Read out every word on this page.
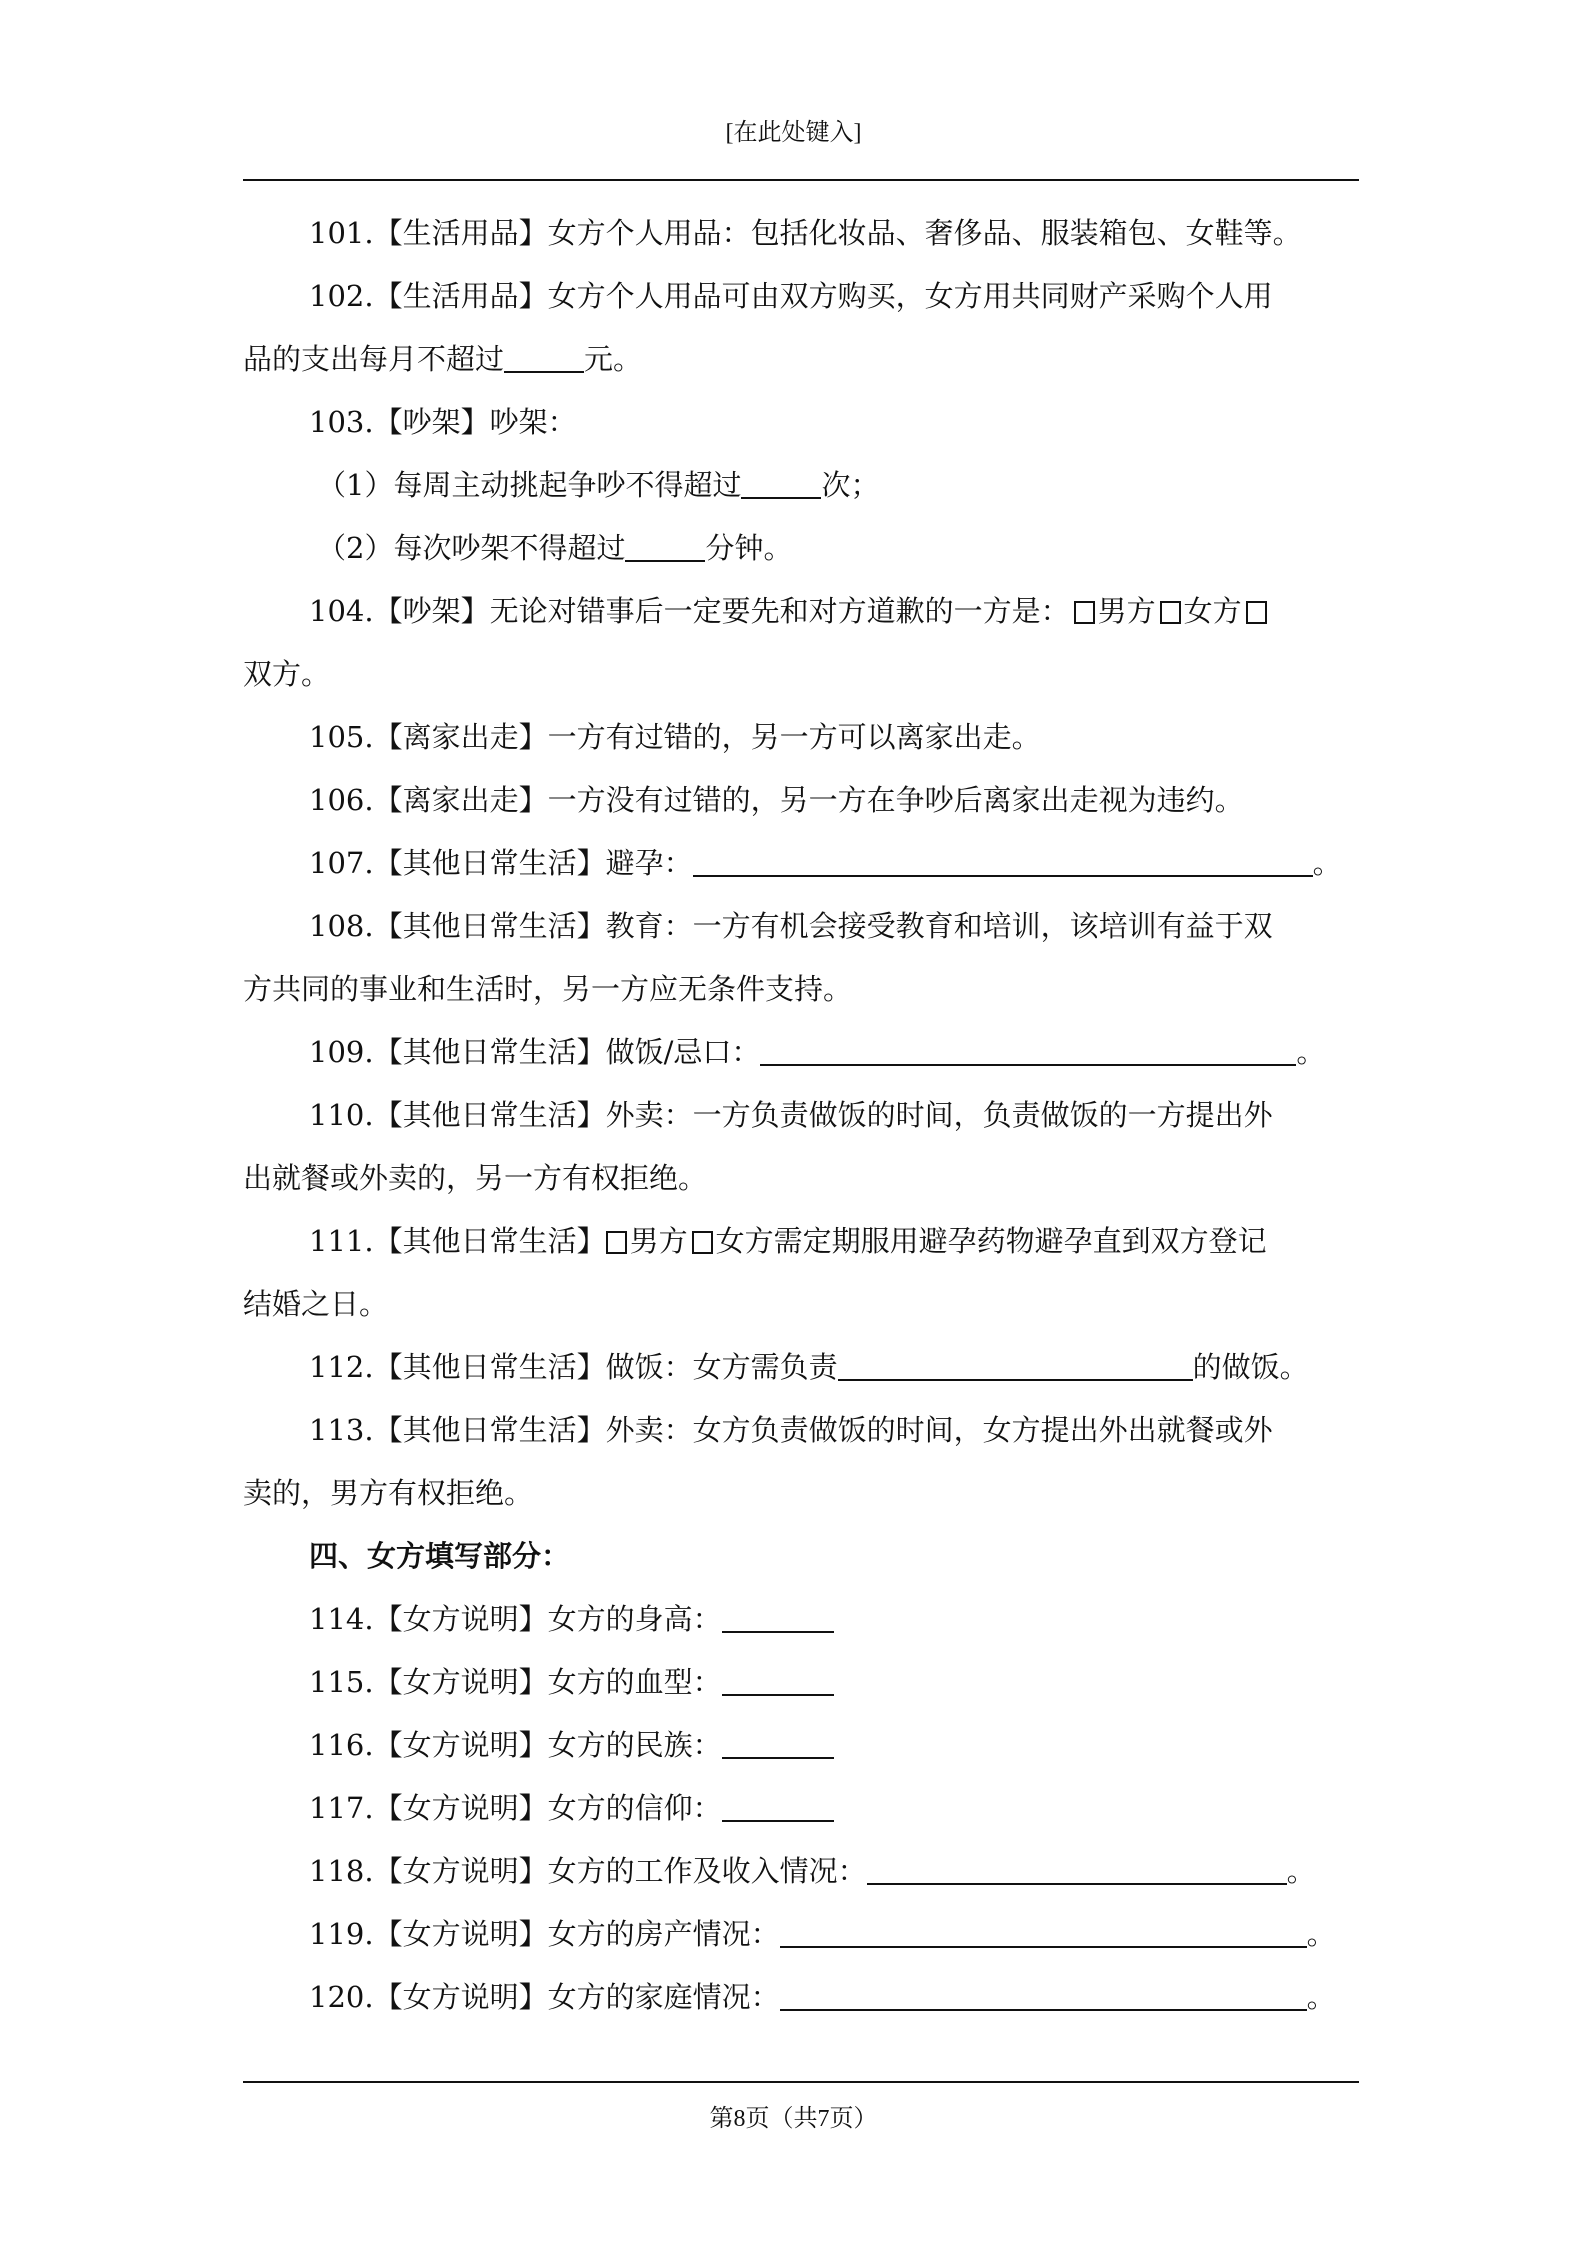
[在此处键入]
101.【生活用品】女方个人用品：包括化妆品、奢侈品、服装箱包、女鞋等。
102.【生活用品】女方个人用品可由双方购买，女方用共同财产采购个人用
品的支出每月不超过	元。
103.【吵架】吵架：
（1）每周主动挑起争吵不得超过	次；
（2）每次吵架不得超过	分钟。
104.【吵架】无论对错事后一定要先和对方道歉的一方是： 男方 女方
双方。
105.【离家出走】一方有过错的，另一方可以离家出走。
106.【离家出走】一方没有过错的，另一方在争吵后离家出走视为违约。
107.【其他日常生活】避孕：	。
108.【其他日常生活】教育：一方有机会接受教育和培训，该培训有益于双
方共同的事业和生活时，另一方应无条件支持。
109.【其他日常生活】做饭/忌口：	。
110.【其他日常生活】外卖：一方负责做饭的时间，负责做饭的一方提出外
出就餐或外卖的，另一方有权拒绝。
111.【其他日常生活】 男方 女方需定期服用避孕药物避孕直到双方登记
结婚之日。
112.【其他日常生活】做饭：女方需负责	的做饭。
113.【其他日常生活】外卖：女方负责做饭的时间，女方提出外出就餐或外
卖的，男方有权拒绝。
四、女方填写部分：
114.【女方说明】女方的身高：
115.【女方说明】女方的血型：
116.【女方说明】女方的民族：
117.【女方说明】女方的信仰：
118.【女方说明】女方的工作及收入情况：	。
119.【女方说明】女方的房产情况：	。
120.【女方说明】女方的家庭情况：	。
第8页（共7页）
